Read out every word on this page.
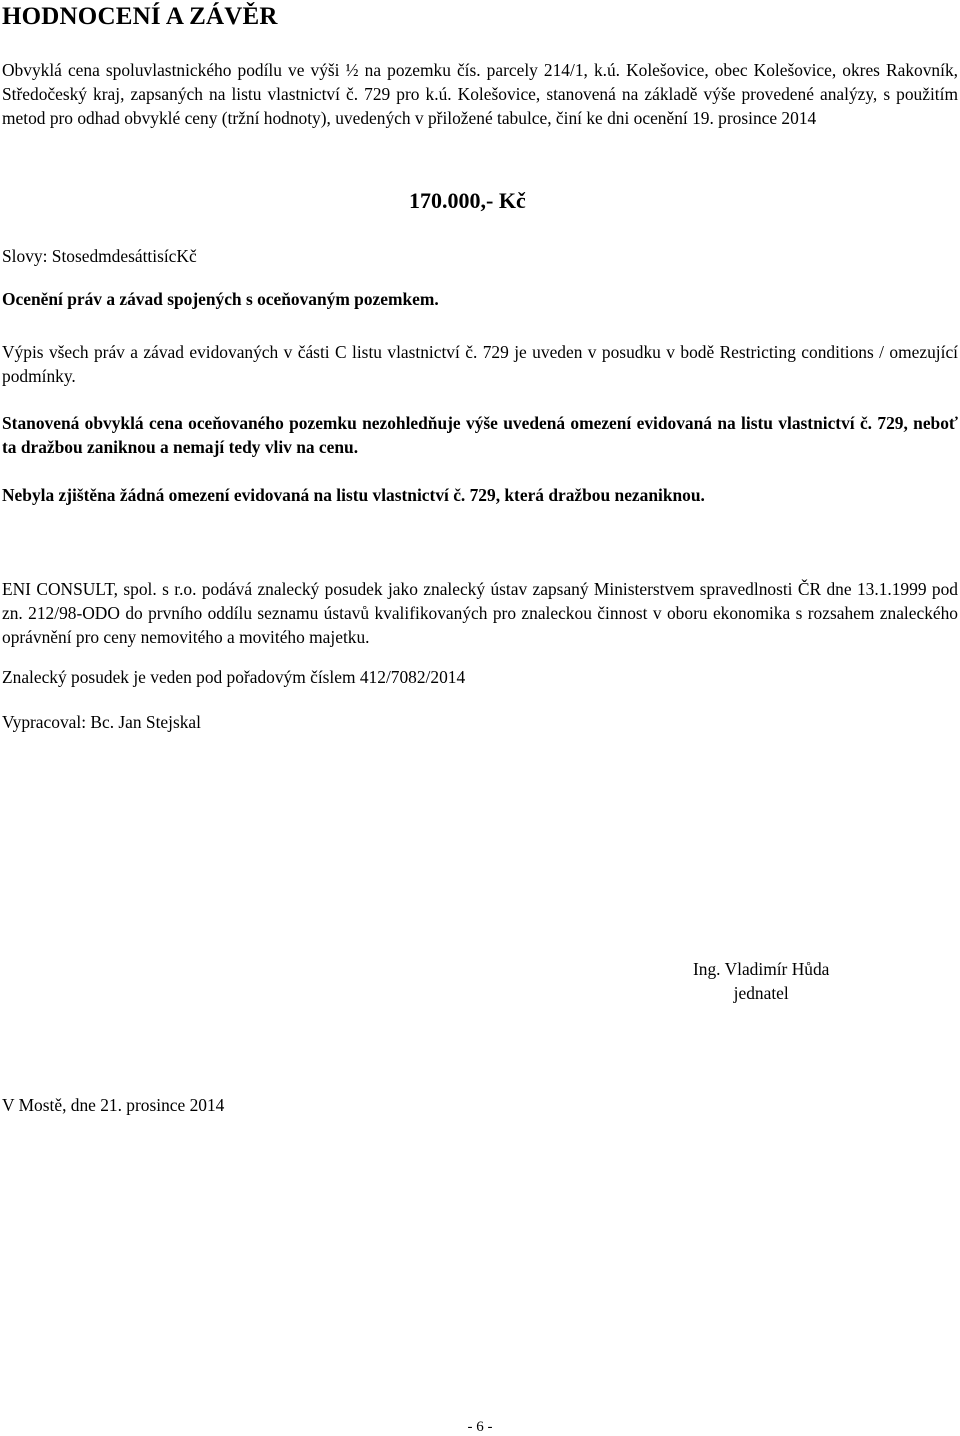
HODNOCENÍ A ZÁVĚR

Obvyklá cena spoluvlastnického podílu ve výši ½ na pozemku čís. parcely 214/1, k.ú. Kolešovice, obec Kolešovice, okres Rakovník, Středočeský kraj, zapsaných na listu vlastnictví č. 729 pro k.ú. Kolešovice, stanovená na základě výše provedené analýzy, s použitím metod pro odhad obvyklé ceny (tržní hodnoty), uvedených v přiložené tabulce, činí ke dni ocenění 19. prosince 2014

170.000,- Kč
Slovy: StosedmdesáttisícKč
Ocenění práv a závad spojených s oceňovaným pozemkem.

Výpis všech práv a závad evidovaných v části C listu vlastnictví č. 729 je uveden v posudku v bodě Restricting conditions / omezující podmínky.

Stanovená obvyklá cena oceňovaného pozemku nezohledňuje výše uvedená omezení evidovaná na listu vlastnictví č. 729, neboť ta dražbou zaniknou a nemají tedy vliv na cenu.

Nebyla zjištěna žádná omezení evidovaná na listu vlastnictví č. 729, která dražbou nezaniknou.

ENI CONSULT, spol. s r.o. podává znalecký posudek jako znalecký ústav zapsaný Ministerstvem spravedlnosti ČR dne 13.1.1999 pod zn. 212/98-ODO do prvního oddílu seznamu ústavů kvalifikovaných pro znaleckou činnost v oboru ekonomika s rozsahem znaleckého oprávnění pro ceny nemovitého a movitého majetku.

Znalecký posudek je veden pod pořadovým číslem 412/7082/2014
Vypracoval: Bc. Jan Stejskal
Ing. Vladimír Hůda
jednatel
V Mostě, dne 21. prosince 2014
- 6 -
